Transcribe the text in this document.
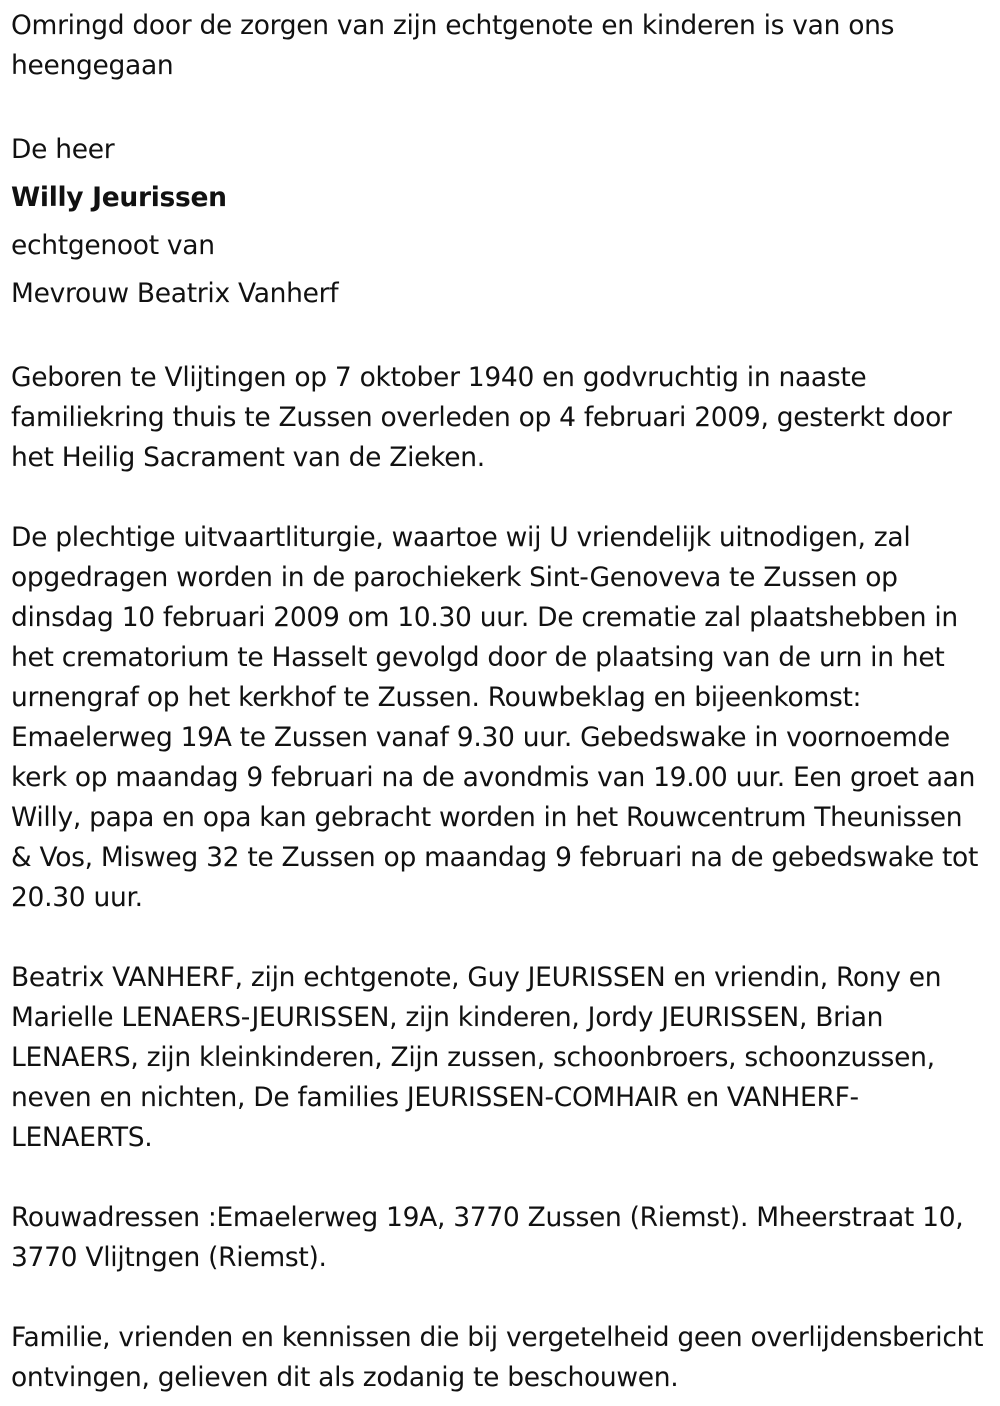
Omringd door de zorgen van zijn echtgenote en kinderen is van ons heengegaan

De heer
Willy Jeurissen
echtgenoot van
Mevrouw Beatrix Vanherf

Geboren te Vlijtingen op 7 oktober 1940 en godvruchtig in naaste familiekring thuis te Zussen overleden op 4 februari 2009, gesterkt door het Heilig Sacrament van de Zieken.

De plechtige uitvaartliturgie, waartoe wij U vriendelijk uitnodigen, zal opgedragen worden in de parochiekerk Sint-Genoveva te Zussen op dinsdag 10 februari 2009 om 10.30 uur. De crematie zal plaatshebben in het crematorium te Hasselt gevolgd door de plaatsing van de urn in het urnengraf op het kerkhof te Zussen. Rouwbeklag en bijeenkomst: Emaelerweg 19A te Zussen vanaf 9.30 uur. Gebedswake in voornoemde kerk op maandag 9 februari na de avondmis van 19.00 uur. Een groet aan Willy, papa en opa kan gebracht worden in het Rouwcentrum Theunissen & Vos, Misweg 32 te Zussen op maandag 9 februari na de gebedswake tot 20.30 uur.

Beatrix VANHERF, zijn echtgenote, Guy JEURISSEN en vriendin, Rony en Marielle LENAERS-JEURISSEN, zijn kinderen, Jordy JEURISSEN, Brian LENAERS, zijn kleinkinderen, Zijn zussen, schoonbroers, schoonzussen, neven en nichten, De families JEURISSEN-COMHAIR en VANHERF-LENAERTS.

Rouwadressen :Emaelerweg 19A, 3770 Zussen (Riemst). Mheerstraat 10, 3770 Vlijtngen (Riemst).

Familie, vrienden en kennissen die bij vergetelheid geen overlijdensbericht ontvingen, gelieven dit als zodanig te beschouwen.
